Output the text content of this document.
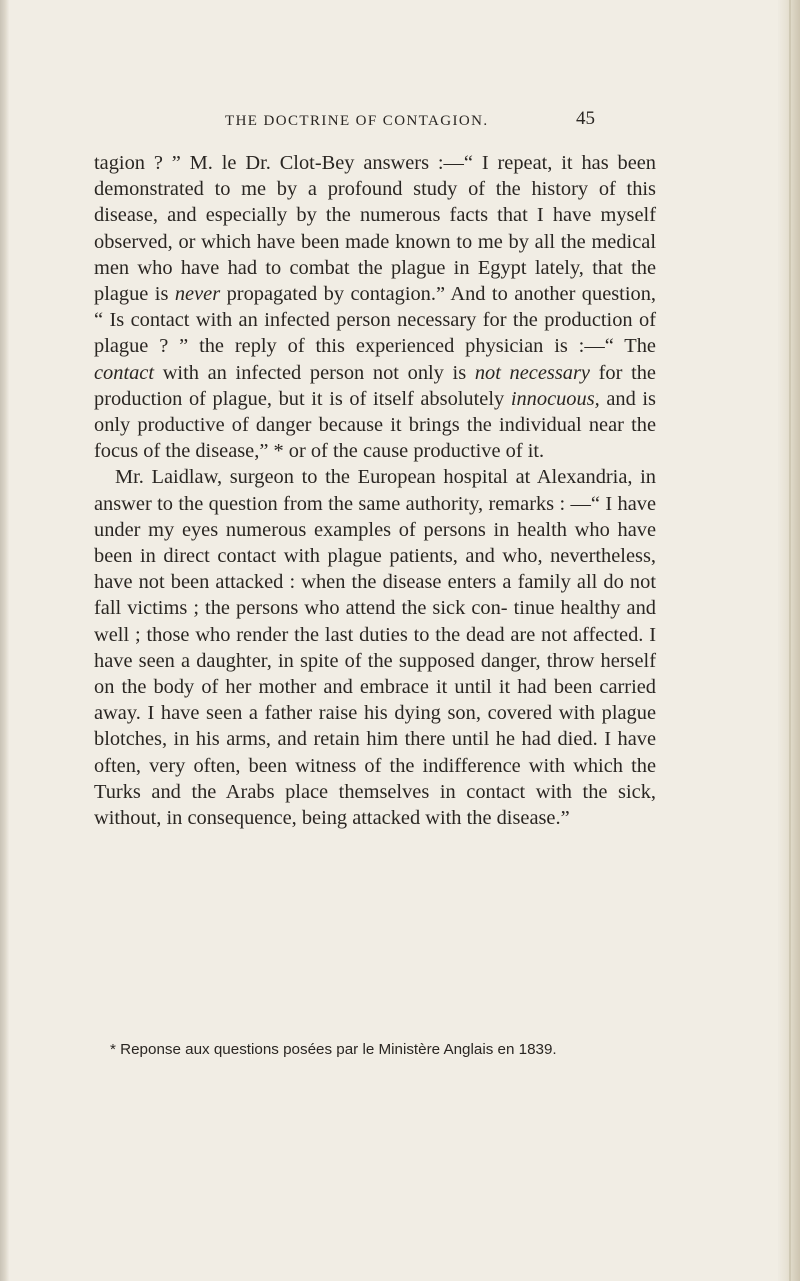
THE DOCTRINE OF CONTAGION.	45

tagion ? ” M. le Dr. Clot-Bey answers :—“ I repeat, it has been demonstrated to me by a profound study of the history of this disease, and especially by the numerous facts that I have myself observed, or which have been made known to me by all the medical men who have had to combat the plague in Egypt lately, that the plague is never propagated by contagion.” And to another question, “ Is contact with an infected person necessary for the production of plague ? ” the reply of this experienced physician is :—“ The contact with an infected person not only is not necessary for the production of plague, but it is of itself absolutely innocuous, and is only productive of danger because it brings the individual near the focus of the disease,” * or of the cause productive of it.

Mr. Laidlaw, surgeon to the European hospital at Alexandria, in answer to the question from the same authority, remarks : —“ I have under my eyes numerous examples of persons in health who have been in direct contact with plague patients, and who, nevertheless, have not been attacked : when the disease enters a family all do not fall victims ; the persons who attend the sick con- tinue healthy and well ; those who render the last duties to the dead are not affected. I have seen a daughter, in spite of the supposed danger, throw herself on the body of her mother and embrace it until it had been carried away. I have seen a father raise his dying son, covered with plague blotches, in his arms, and retain him there until he had died. I have often, very often, been witness of the indifference with which the Turks and the Arabs place themselves in contact with the sick, without, in consequence, being attacked with the disease.”

* Reponse aux questions posées par le Ministère Anglais en 1839.
